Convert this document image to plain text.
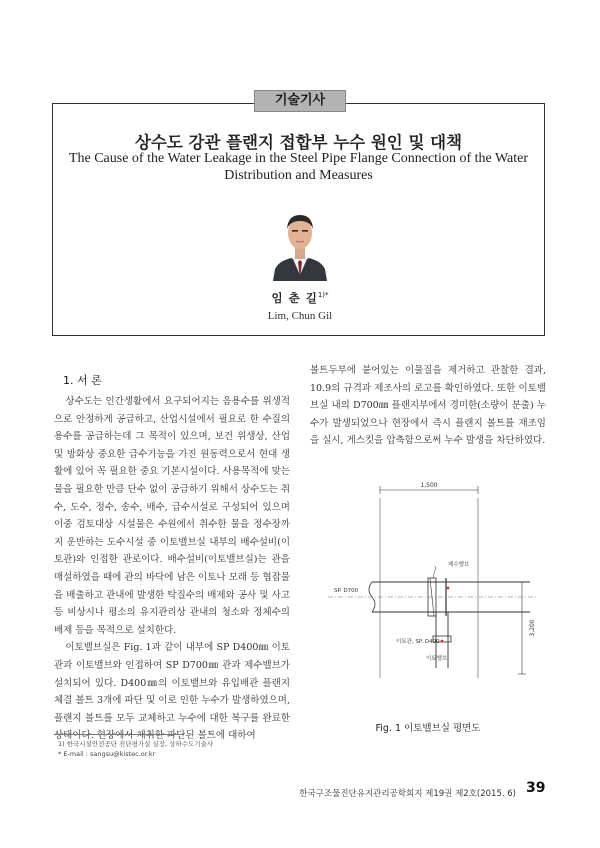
기술기사
상수도 강관 플랜지 접합부 누수 원인 및 대책
The Cause of the Water Leakage in the Steel Pipe Flange Connection of the Water Distribution and Measures
임 춘 길$^{1)*}$
Lim, Chun Gil
1. 서 론

상수도는 인간생활에서 요구되어지는 음용수를 위생적으로 안정하게 공급하고, 산업시설에서 필요로 한 수질의 용수를 공급하는데 그 목적이 있으며, 보건 위생상, 산업 및 방화상 중요한 급수기능을 가진 원동력으로서 현대 생활에 있어 꼭 필요한 중요 기본시설이다. 사용목적에 맞는 물을 필요한 만큼 단수 없이 공급하기 위해서 상수도는 취수, 도수, 정수, 송수, 배수, 급수시설로 구성되어 있으며 이중 검토대상 시설물은 수원에서 취수한 물을 정수장까지 운반하는 도수시설 중 이토밸브실 내부의 배수설비(이토관)와 인접한 관로이다. 배수설비(이토밸브실)는 관을 매설하였을 때에 관의 바닥에 남은 이토나 모래 등 협잡물을 배출하고 관내에 발생한 탁질수의 배제와 공사 및 사고 등 비상시나 평소의 유지관리상 관내의 청소와 정체수의 배제 등을 목적으로 설치한다.

이토밸브실은 Fig. 1과 같이 내부에 SP D400㎜ 이토관과 이토밸브와 인접하여 SP D700㎜ 관과 제수밸브가 설치되어 있다. D400㎜의 이토밸브와 유입배관 플랜지 체결 볼트 3개에 파단 및 이로 인한 누수가 발생하였으며, 플랜지 볼트를 모두 교체하고 누수에 대한 복구를 완료한 상태이다. 현장에서 채취한 파단된 볼트에 대하여

볼트두부에 붙어있는 이물질을 제거하고 관찰한 결과, 10.9의 규격과 제조사의 로고를 확인하였다. 또한 이토밸브실 내의 D700㎜ 플랜지부에서 경미한(소량이 분출) 누수가 발생되었으나 현장에서 즉시 플랜지 볼트를 재조임을 실시, 게스킷을 압축함으로써 누수 발생을 차단하였다.

1,500
제수밸브
SP. D700
이토관, SP. D400
이토밸브
3,200
Fig. 1 이토밸브실 평면도
1) 한국시설안전공단 진단평가실 실장, 상하수도기술사
* E-mail : sangsu@kistec.or.kr
한국구조물진단유지관리공학회지 제19권 제2호(2015. 6) 39
